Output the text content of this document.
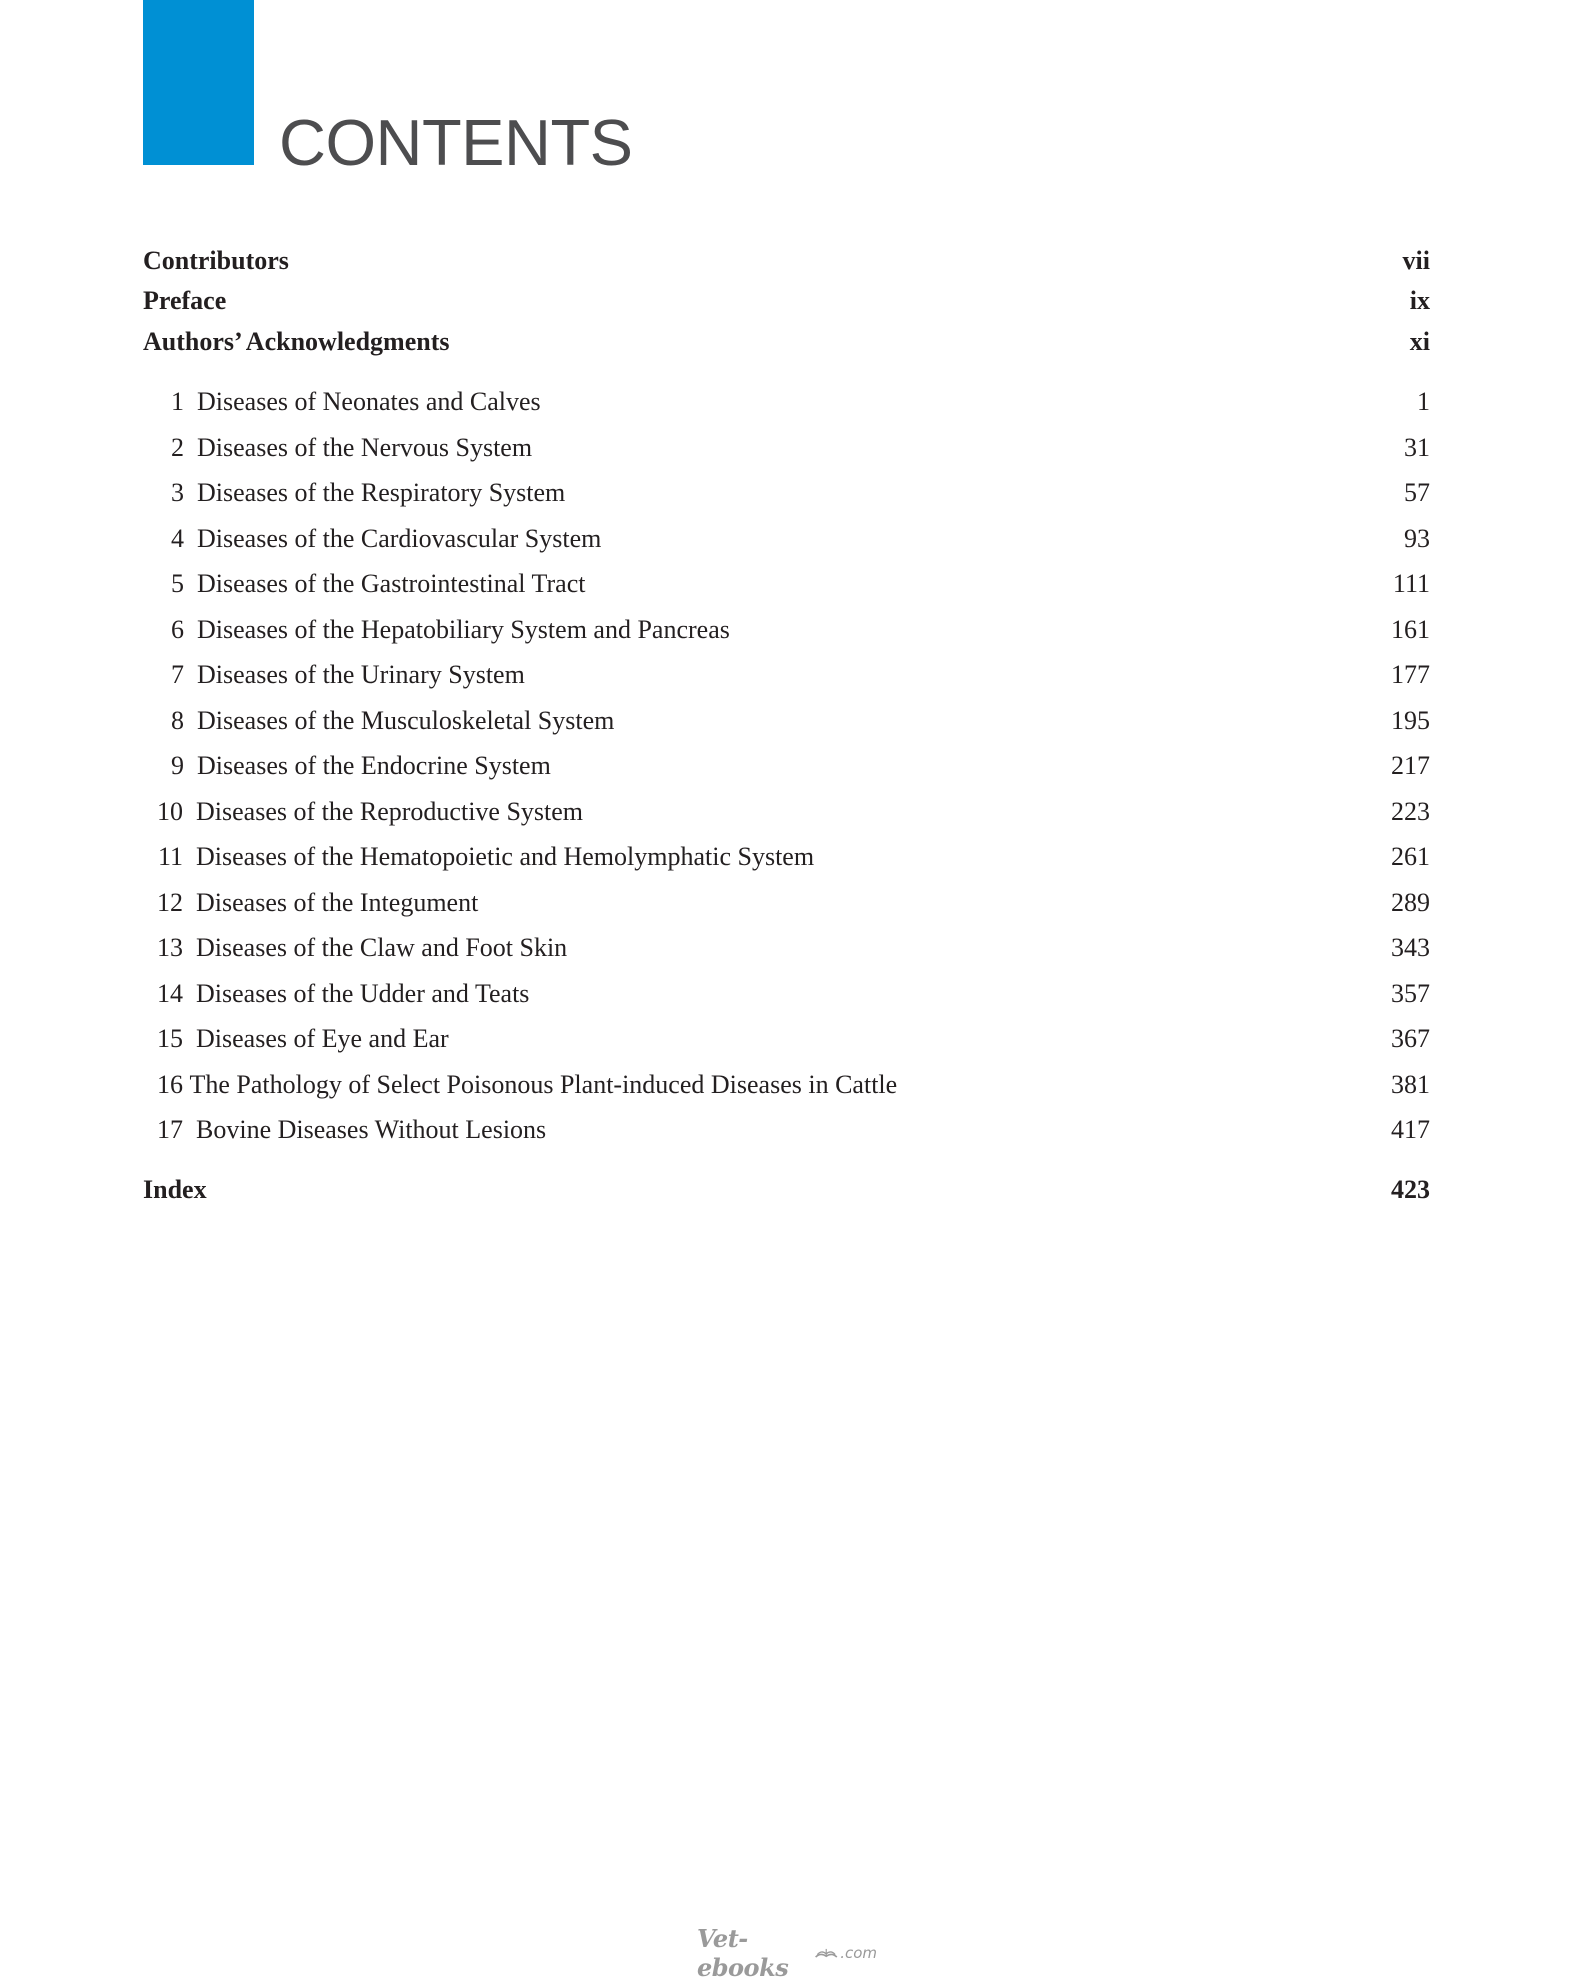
CONTENTS
Contributors	vii
Preface	ix
Authors’ Acknowledgments	xi
1 Diseases of Neonates and Calves	1
2 Diseases of the Nervous System	31
3 Diseases of the Respiratory System	57
4 Diseases of the Cardiovascular System	93
5 Diseases of the Gastrointestinal Tract	111
6 Diseases of the Hepatobiliary System and Pancreas	161
7 Diseases of the Urinary System	177
8 Diseases of the Musculoskeletal System	195
9 Diseases of the Endocrine System	217
10 Diseases of the Reproductive System	223
11 Diseases of the Hematopoietic and Hemolymphatic System	261
12 Diseases of the Integument	289
13 Diseases of the Claw and Foot Skin	343
14 Diseases of the Udder and Teats	357
15 Diseases of Eye and Ear	367
16 The Pathology of Select Poisonous Plant-induced Diseases in Cattle	381
17 Bovine Diseases Without Lesions	417
Index	423
Vet-ebooks	.com
